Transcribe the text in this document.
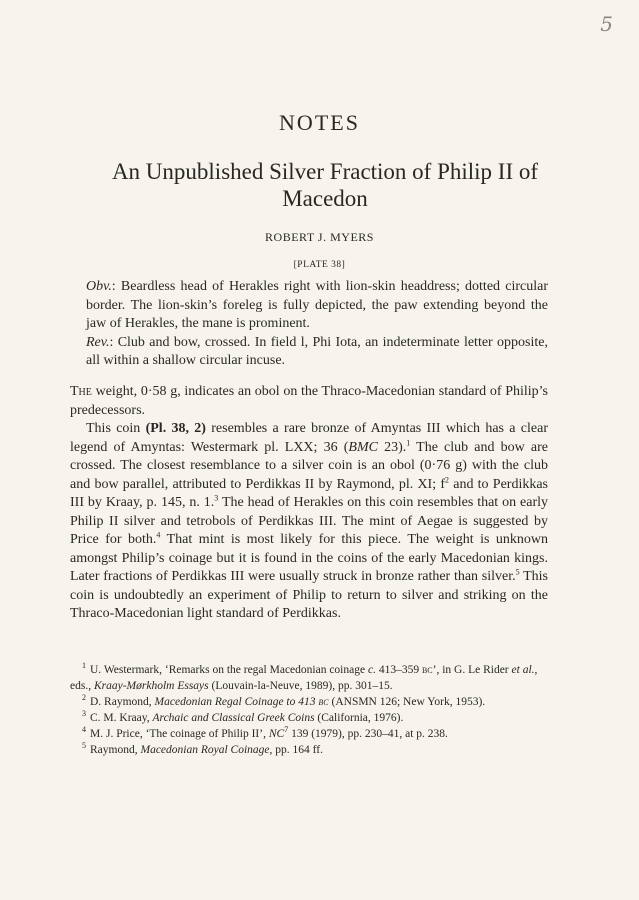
5
NOTES
An Unpublished Silver Fraction of Philip II of Macedon
ROBERT J. MYERS
[PLATE 38]

Obv.: Beardless head of Herakles right with lion-skin headdress; dotted circular border. The lion-skin’s foreleg is fully depicted, the paw extending beyond the jaw of Herakles, the mane is prominent.

Rev.: Club and bow, crossed. In field l, Phi Iota, an indeterminate letter opposite, all within a shallow circular incuse.

The weight, 0·58 g, indicates an obol on the Thraco-Macedonian standard of Philip’s predecessors.

This coin (Pl. 38, 2) resembles a rare bronze of Amyntas III which has a clear legend of Amyntas: Westermark pl. LXX; 36 (BMC 23).$^1$ The club and bow are crossed. The closest resemblance to a silver coin is an obol (0·76 g) with the club and bow parallel, attributed to Perdikkas II by Raymond, pl. XI; $f^2$ and to Perdikkas III by Kraay, p. 145, n. 1.$^3$ The head of Herakles on this coin resembles that on early Philip II silver and tetrobols of Perdikkas III. The mint of Aegae is suggested by Price for both.$^4$ That mint is most likely for this piece. The weight is unknown amongst Philip’s coinage but it is found in the coins of the early Macedonian kings. Later fractions of Perdikkas III were usually struck in bronze rather than silver.$^5$ This coin is undoubtedly an experiment of Philip to return to silver and striking on the Thraco-Macedonian light standard of Perdikkas.

$^1$ U. Westermark, ‘Remarks on the regal Macedonian coinage c. 413–359 bc’, in G. Le Rider et al., eds., Kraay-Mørkholm Essays (Louvain-la-Neuve, 1989), pp. 301–15.
$^2$ D. Raymond, Macedonian Regal Coinage to 413 bc (ANSMN 126; New York, 1953).
$^3$ C. M. Kraay, Archaic and Classical Greek Coins (California, 1976).
$^4$ M. J. Price, ‘The coinage of Philip II’, $NC^7$ 139 (1979), pp. 230–41, at p. 238.
$^5$ Raymond, Macedonian Royal Coinage, pp. 164 ff.
